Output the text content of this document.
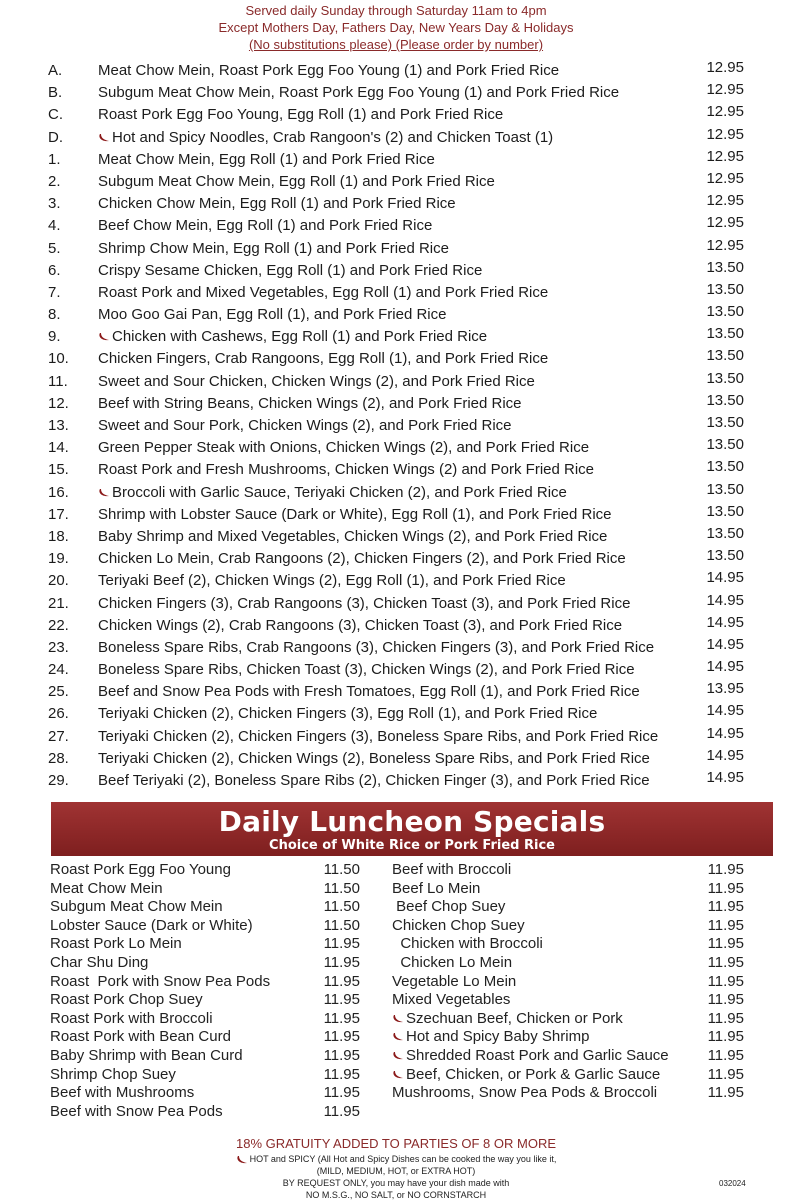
Served daily Sunday through Saturday 11am to 4pm
Except Mothers Day, Fathers Day, New Years Day & Holidays
(No substitutions please) (Please order by number)
A.	Meat Chow Mein, Roast Pork Egg Foo Young (1) and Pork Fried Rice	12.95
B.	Subgum Meat Chow Mein, Roast Pork Egg Foo Young (1) and Pork Fried Rice	12.95
C.	Roast Pork Egg Foo Young, Egg Roll (1) and Pork Fried Rice	12.95
D.	Hot and Spicy Noodles, Crab Rangoon's (2) and Chicken Toast (1)	12.95
1.	Meat Chow Mein, Egg Roll (1) and Pork Fried Rice	12.95
2.	Subgum Meat Chow Mein, Egg Roll (1) and Pork Fried Rice	12.95
3.	Chicken Chow Mein, Egg Roll (1) and Pork Fried Rice	12.95
4.	Beef Chow Mein, Egg Roll (1) and Pork Fried Rice	12.95
5.	Shrimp Chow Mein, Egg Roll (1) and Pork Fried Rice	12.95
6.	Crispy Sesame Chicken, Egg Roll (1) and Pork Fried Rice	13.50
7.	Roast Pork and Mixed Vegetables, Egg Roll (1) and Pork Fried Rice	13.50
8.	Moo Goo Gai Pan, Egg Roll (1), and Pork Fried Rice	13.50
9.	Chicken with Cashews, Egg Roll (1) and Pork Fried Rice	13.50
10.	Chicken Fingers, Crab Rangoons, Egg Roll (1), and Pork Fried Rice	13.50
11.	Sweet and Sour Chicken, Chicken Wings (2), and Pork Fried Rice	13.50
12.	Beef with String Beans, Chicken Wings (2), and Pork Fried Rice	13.50
13.	Sweet and Sour Pork, Chicken Wings (2), and Pork Fried Rice	13.50
14.	Green Pepper Steak with Onions, Chicken Wings (2), and Pork Fried Rice	13.50
15.	Roast Pork and Fresh Mushrooms, Chicken Wings (2) and Pork Fried Rice	13.50
16.	Broccoli with Garlic Sauce, Teriyaki Chicken (2), and Pork Fried Rice	13.50
17.	Shrimp with Lobster Sauce (Dark or White), Egg Roll (1), and Pork Fried Rice	13.50
18.	Baby Shrimp and Mixed Vegetables, Chicken Wings (2), and Pork Fried Rice	13.50
19.	Chicken Lo Mein, Crab Rangoons (2), Chicken Fingers (2), and Pork Fried Rice	13.50
20.	Teriyaki Beef (2), Chicken Wings (2), Egg Roll (1), and Pork Fried Rice	14.95
21.	Chicken Fingers (3), Crab Rangoons (3), Chicken Toast (3), and Pork Fried Rice	14.95
22.	Chicken Wings (2), Crab Rangoons (3), Chicken Toast (3), and Pork Fried Rice	14.95
23.	Boneless Spare Ribs, Crab Rangoons (3), Chicken Fingers (3), and Pork Fried Rice	14.95
24.	Boneless Spare Ribs, Chicken Toast (3), Chicken Wings (2), and Pork Fried Rice	14.95
25.	Beef and Snow Pea Pods with Fresh Tomatoes, Egg Roll (1), and Pork Fried Rice	13.95
26.	Teriyaki Chicken (2), Chicken Fingers (3), Egg Roll (1), and Pork Fried Rice	14.95
27.	Teriyaki Chicken (2), Chicken Fingers (3), Boneless Spare Ribs, and Pork Fried Rice	14.95
28.	Teriyaki Chicken (2), Chicken Wings (2), Boneless Spare Ribs, and Pork Fried Rice	14.95
29.	Beef Teriyaki (2), Boneless Spare Ribs (2), Chicken Finger (3), and Pork Fried Rice	14.95
Daily Luncheon Specials
Choice of White Rice or Pork Fried Rice
Roast Pork Egg Foo Young	11.50
Meat Chow Mein	11.50
Subgum Meat Chow Mein	11.50
Lobster Sauce (Dark or White)	11.50
Roast Pork Lo Mein	11.95
Char Shu Ding	11.95
Roast  Pork with Snow Pea Pods	11.95
Roast Pork Chop Suey	11.95
Roast Pork with Broccoli	11.95
Roast Pork with Bean Curd	11.95
Baby Shrimp with Bean Curd	11.95
Shrimp Chop Suey	11.95
Beef with Mushrooms	11.95
Beef with Snow Pea Pods	11.95
Beef with Broccoli	11.95
Beef Lo Mein	11.95
Beef Chop Suey	11.95
Chicken Chop Suey	11.95
Chicken with Broccoli	11.95
Chicken Lo Mein	11.95
Vegetable Lo Mein	11.95
Mixed Vegetables	11.95
Szechuan Beef, Chicken or Pork	11.95
Hot and Spicy Baby Shrimp	11.95
Shredded Roast Pork and Garlic Sauce	11.95
Beef, Chicken, or Pork & Garlic Sauce	11.95
Mushrooms, Snow Pea Pods & Broccoli	11.95
18% GRATUITY ADDED TO PARTIES OF 8 OR MORE
HOT and SPICY (All Hot and Spicy Dishes can be cooked the way you like it,
(MILD, MEDIUM, HOT, or EXTRA HOT)
BY REQUEST ONLY, you may have your dish made with
NO M.S.G., NO SALT, or NO CORNSTARCH
032024
